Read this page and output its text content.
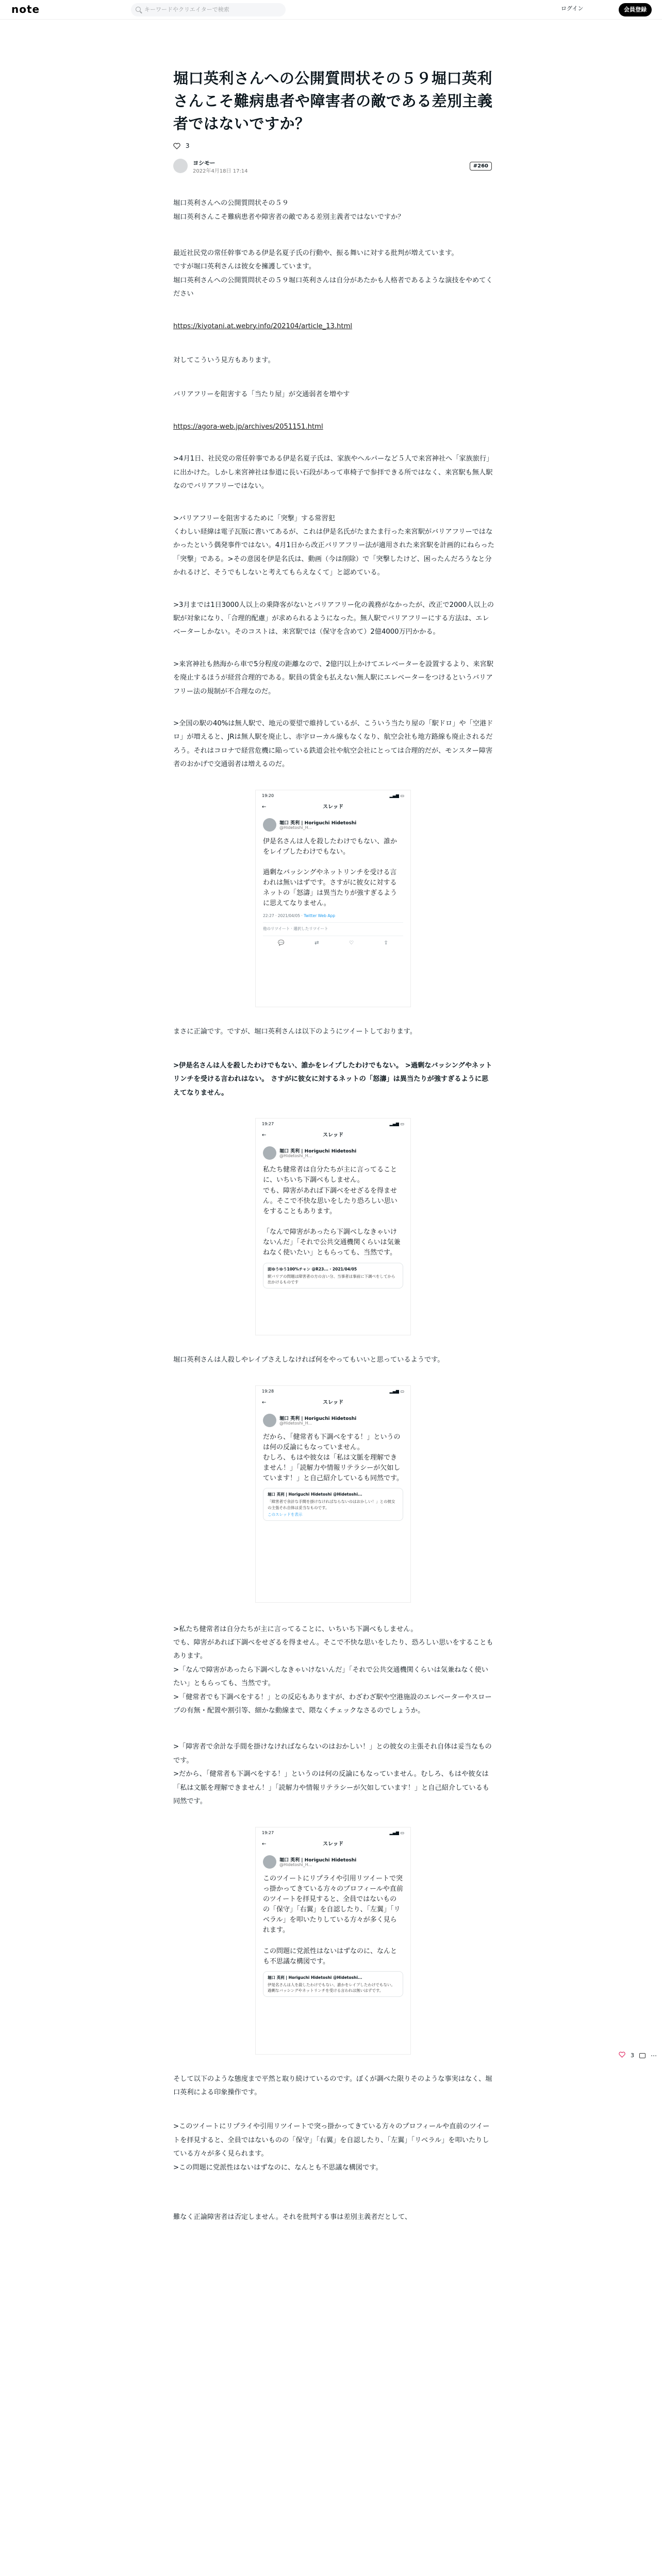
note	キーワードやクリエイターで検索	ログイン	会員登録
堀口英利さんへの公開質問状その５９堀口英利さんこそ難病患者や障害者の敵である差別主義者ではないですか？
3
ヨシモー
2022年4月18日 17:14
#260

堀口英利さんへの公開質問状その５９
堀口英利さんこそ難病患者や障害者の敵である差別主義者ではないですか？

最近社民党の常任幹事である伊是名夏子氏の行動や、振る舞いに対する批判が増えています。
ですが堀口英利さんは彼女を擁護しています。
堀口英利さんへの公開質問状その５９堀口英利さんは自分があたかも人格者であるような演技をやめてください

https://kiyotani.at.webry.info/202104/article_13.html

対してこういう見方もあります。

バリアフリーを阻害する「当たり屋」が交通弱者を増やす

https://agora-web.jp/archives/2051151.html

>4月1日、社民党の常任幹事である伊是名夏子氏は、家族やヘルパーなど５人で来宮神社へ「家族旅行」に出かけた。しかし来宮神社は参道に長い石段があって車椅子で参拝できる所ではなく、来宮駅も無人駅なのでバリアフリーではない。

>バリアフリーを阻害するために「突撃」する常習犯
くわしい経緯は電子瓦版に書いてあるが、これは伊是名氏がたまたま行った来宮駅がバリアフリーではなかったという偶発事件ではない。4月1日から改正バリアフリー法が適用された来宮駅を計画的にねらった「突撃」である。>その意図を伊是名氏は、動画（今は削除）で「突撃したけど、困ったんだろうなと分かれるけど、そうでもしないと考えてもらえなくて」と認めている。

>3月までは1日3000人以上の乗降客がないとバリアフリー化の義務がなかったが、改正で2000人以上の駅が対象になり、「合理的配慮」が求められるようになった。無人駅でバリアフリーにする方法は、エレベーターしかない。そのコストは、来宮駅では（保守を含めて）2億4000万円かかる。

>来宮神社も熱海から車で5分程度の距離なので、2億円以上かけてエレベーターを設置するより、来宮駅を廃止するほうが経営合理的である。駅員の賃金も払えない無人駅にエレベーターをつけるというバリアフリー法の規制が不合理なのだ。

>全国の駅の40%は無人駅で、地元の要望で維持しているが、こういう当たり屋の「駅ドロ」や「空港ドロ」が増えると、JRは無人駅を廃止し、赤字ローカル線もなくなり、航空会社も地方路線も廃止されるだろう。それはコロナで経営危機に陥っている鉄道会社や航空会社にとっては合理的だが、モンスター障害者のおかげで交通弱者は増えるのだ。

19:20	▂▄▆ ▭
←	スレッド
堀口 英利 | Horiguchi Hidetoshi
@Hidetoshi_H...
伊是名さんは人を殺したわけでもない、誰かをレイプしたわけでもない。

過剰なバッシングやネットリンチを受ける言われは無いはずです。さすがに彼女に対するネットの「怒濤」は異当たりが強すぎるように思えてなりません。
22:27 · 2021/04/05 · Twitter Web App
他のリツイート · 選択したリツイート
💬	⇄	♡	⇪

まさに正論です。ですが、堀口英利さんは以下のようにツイートしております。

>伊是名さんは人を殺したわけでもない、誰かをレイプしたわけでもない。 >過剰なバッシングやネットリンチを受ける言われはない。 さすがに彼女に対するネットの「怒濤」は異当たりが強すぎるように思えてなりません。
19:27	▂▄▆ ▭
←	スレッド
堀口 英利 | Horiguchi Hidetoshi
@Hidetoshi_H...
私たち健常者は自分たちが主に言ってることに、いちいち下調べもしません。
でも、障害があれば下調べをせざるを得ません。そこで不快な思いをしたり恐ろしい思いをすることもあります。

「なんで障害があったら下調べしなきゃいけないんだ」「それで公共交通機関くらいは気兼ねなく使いたい」ともらっても、当然です。
面ゆうゆう100%チャン @R23... · 2021/04/05
駅バリアの問題は障害者の方の言い分、当事者は事前に下調べをしてから出かけるものです

堀口英利さんは人殺しやレイプさえしなければ何をやってもいいと思っているようです。

19:28	▂▄▆ ▭
←	スレッド
堀口 英利 | Horiguchi Hidetoshi
@Hidetoshi_H...
だから、「健常者も下調べをする！」というのは何の反論にもなっていません。
むしろ、もはや彼女は「私は文脈を理解できません！」「読解力や情報リテラシーが欠如しています！」と自己紹介しているも同然です。
堀口 英利 | Horiguchi Hidetoshi @Hidetoshi...
「障害者で余計な手間を掛けなければならないのはおかしい！」との彼女の主張それ自体は妥当なものです。
このスレッドを表示

>私たち健常者は自分たちが主に言ってることに、いちいち下調べもしません。
でも、障害があれば下調べをせざるを得ません。そこで不快な思いをしたり、恐ろしい思いをすることもあります。
>「なんで障害があったら下調べしなきゃいけないんだ」「それで公共交通機関くらいは気兼ねなく使いたい」ともらっても、当然です。
>「健常者でも下調べをする！」との反応もありますが、わざわざ駅や空港施設のエレベーターやスロープの有無・配置や割引等、細かな動線まで、隈なくチェックなさるのでしょうか。

>「障害者で余計な手間を掛けなければならないのはおかしい！」との彼女の主張それ自体は妥当なものです。
>だから、「健常者も下調べをする！」というのは何の反論にもなっていません。むしろ、もはや彼女は「私は文脈を理解できません！」「読解力や情報リテラシーが欠如しています！」と自己紹介しているも同然です。

19:27	▂▄▆ ▭
←	スレッド
堀口 英利 | Horiguchi Hidetoshi
@Hidetoshi_H...
このツイートにリプライや引用リツイートで突っ掛かってきている方々のプロフィールや直前のツイートを拝見すると、全員ではないものの「保守」「右翼」を自認したり、「左翼」「リベラル」を叩いたりしている方々が多く見られます。

この問題に党派性はないはずなのに、なんとも不思議な構図です。
堀口 英利 | Horiguchi Hidetoshi @Hidetoshi...
伊是名さんは人を殺したわけでもない、誰かをレイプしたわけでもない。過剰なバッシングやネットリンチを受ける言われは無いはずです。

そして以下のような態度まで平然と取り続けているのです。ぼくが調べた限りそのような事実はなく、堀口英利による印象操作です。

>このツイートにリプライや引用リツイートで突っ掛かってきている方々のプロフィールや直前のツイートを拝見すると、全員ではないものの「保守」「右翼」を自認したり、「左翼」「リベラル」を叩いたりしている方々が多く見られます。
>この問題に党派性はないはずなのに、なんとも不思議な構図です。

難なく正論障害者は否定しません。それを批判する事は差別主義者だとして、

3	⋯
